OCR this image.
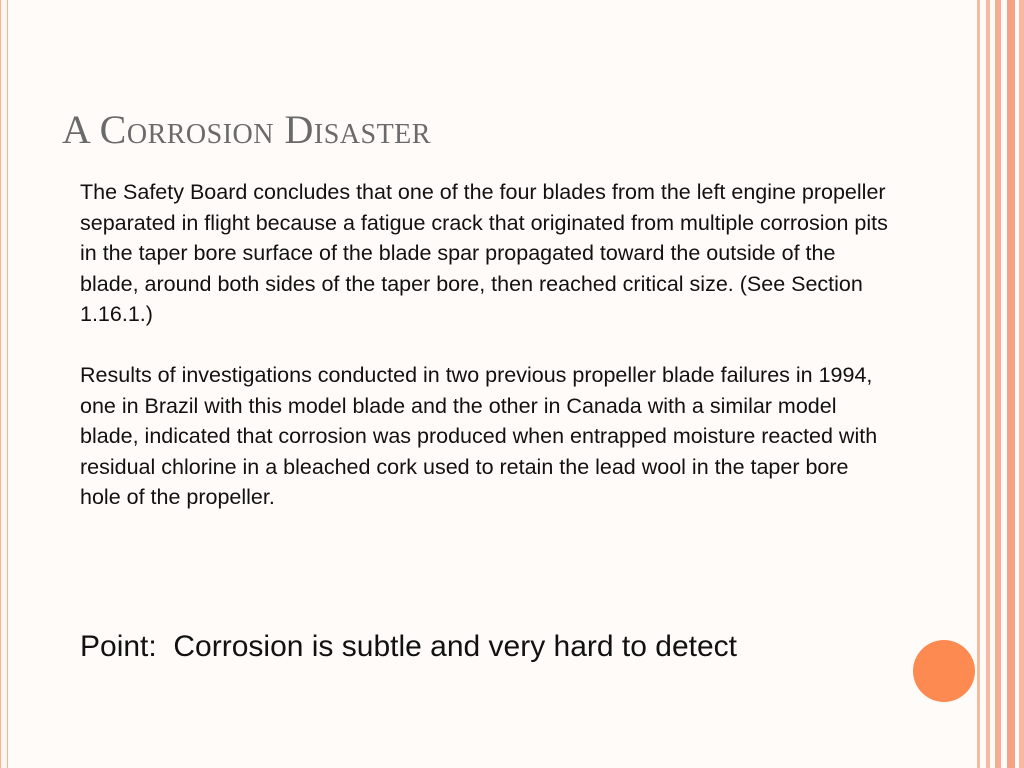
A Corrosion Disaster

The Safety Board concludes that one of the four blades from the left engine propeller separated in flight because a fatigue crack that originated from multiple corrosion pits in the taper bore surface of the blade spar propagated toward the outside of the blade, around both sides of the taper bore, then reached critical size. (See Section 1.16.1.)

Results of investigations conducted in two previous propeller blade failures in 1994, one in Brazil with this model blade and the other in Canada with a similar model blade, indicated that corrosion was produced when entrapped moisture reacted with residual chlorine in a bleached cork used to retain the lead wool in the taper bore hole of the propeller.

Point:  Corrosion is subtle and very hard to detect
